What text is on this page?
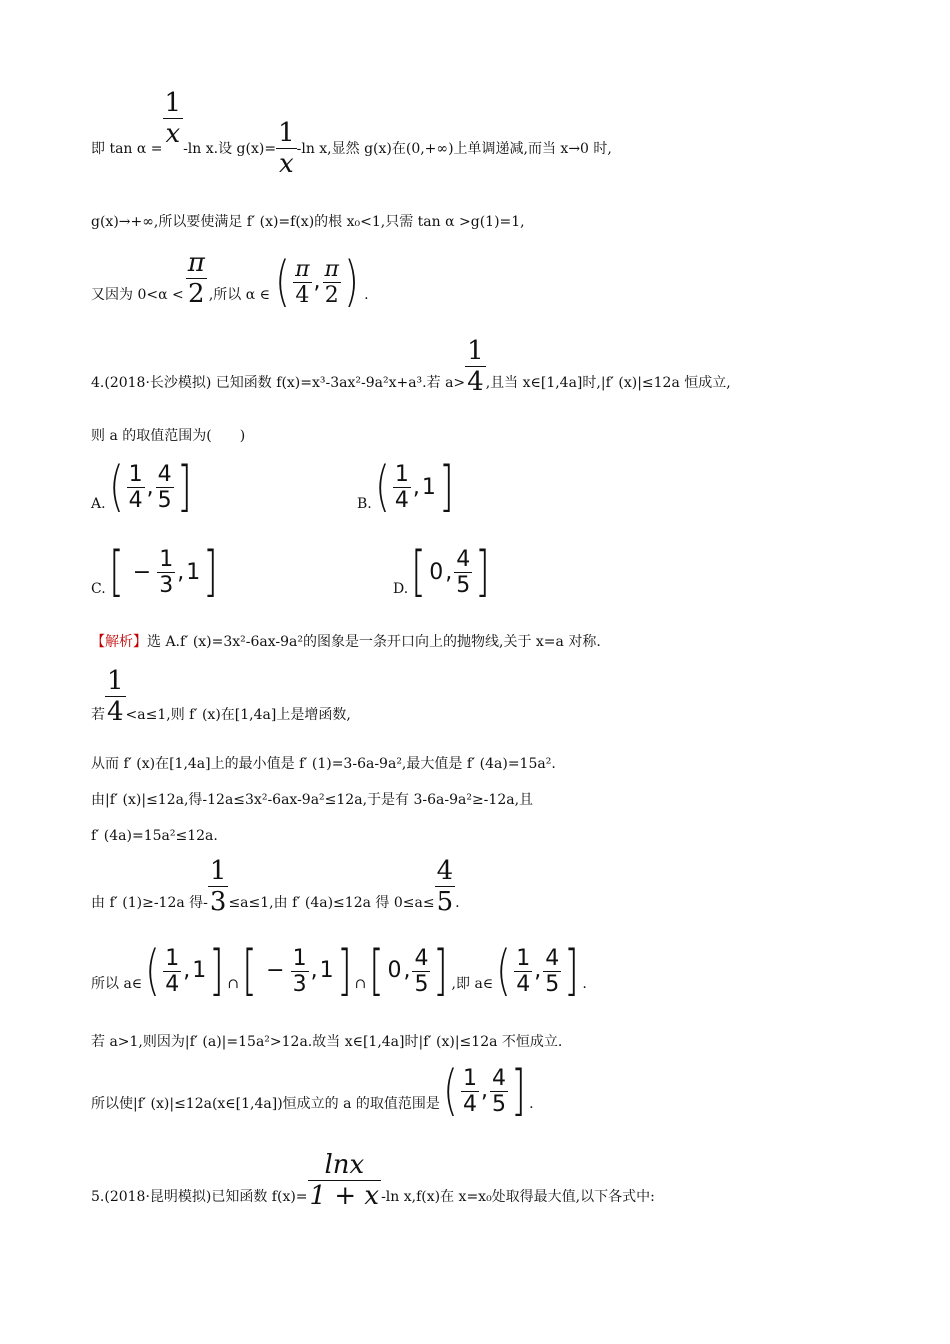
即 $\tan \alpha = \frac{1}{x} -\ln$ x.设 $g(x)= \frac{1}{x} -\ln$ x,显然 g(x)在(0,+∞)上单调递减,而当 x→0 时,
g(x)→+∞,所以要使满足 f′ (x)=f(x)的根 x₀<1,只需 tan α >g(1)=1,
又因为 0<α <
π
2 ,所以 α ∈ ( π
4
, π
2 ) .
4.(2018·长沙模拟) 已知函数 f(x)=x³-3ax²-9a²x+a³.若 a>
1
4 ,且当 x∈[1,4a]时,|f′ (x)|≤12a 恒成立,
则 a 的取值范围为(　　)
A. ( 1
4
,
4
5 ]	B. ( 1
4
, 1 ]
C. [ −
1
3
, 1 ]	D. [ 0 ,
4
5 ]
【解析】选 A.f′ (x)=3x²-6ax-9a²的图象是一条开口向上的抛物线,关于 x=a 对称.
若
1
4 <a≤1,则 f′ (x)在[1,4a]上是增函数,
从而 f′ (x)在[1,4a]上的最小值是 f′ (1)=3-6a-9a²,最大值是 f′ (4a)=15a².
由|f′ (x)|≤12a,得-12a≤3x²-6ax-9a²≤12a,于是有 3-6a-9a²≥-12a,且
f′ (4a)=15a²≤12a.
由 f′ (1)≥-12a 得-
1
3 ≤a≤1,由 f′ (4a)≤12a 得 0≤a≤
4
5 .
所以 a∈ ( 1
4
, 1 ] ∩ [ − 1
3
, 1 ] ∩ [ 0 , 4
5 ] ,即 a∈ ( 1
4
, 4
5 ] .
若 a>1,则因为|f′ (a)|=15a²>12a.故当 x∈[1,4a]时|f′ (x)|≤12a 不恒成立.
所以使|f′ (x)|≤12a(x∈[1,4a])恒成立的 a 的取值范围是 ( 1
4
, 4
5 ] .
5.(2018·昆明模拟)已知函数 f(x)=
lnx
1 + x -ln x,f(x)在 x=x₀处取得最大值,以下各式中:
